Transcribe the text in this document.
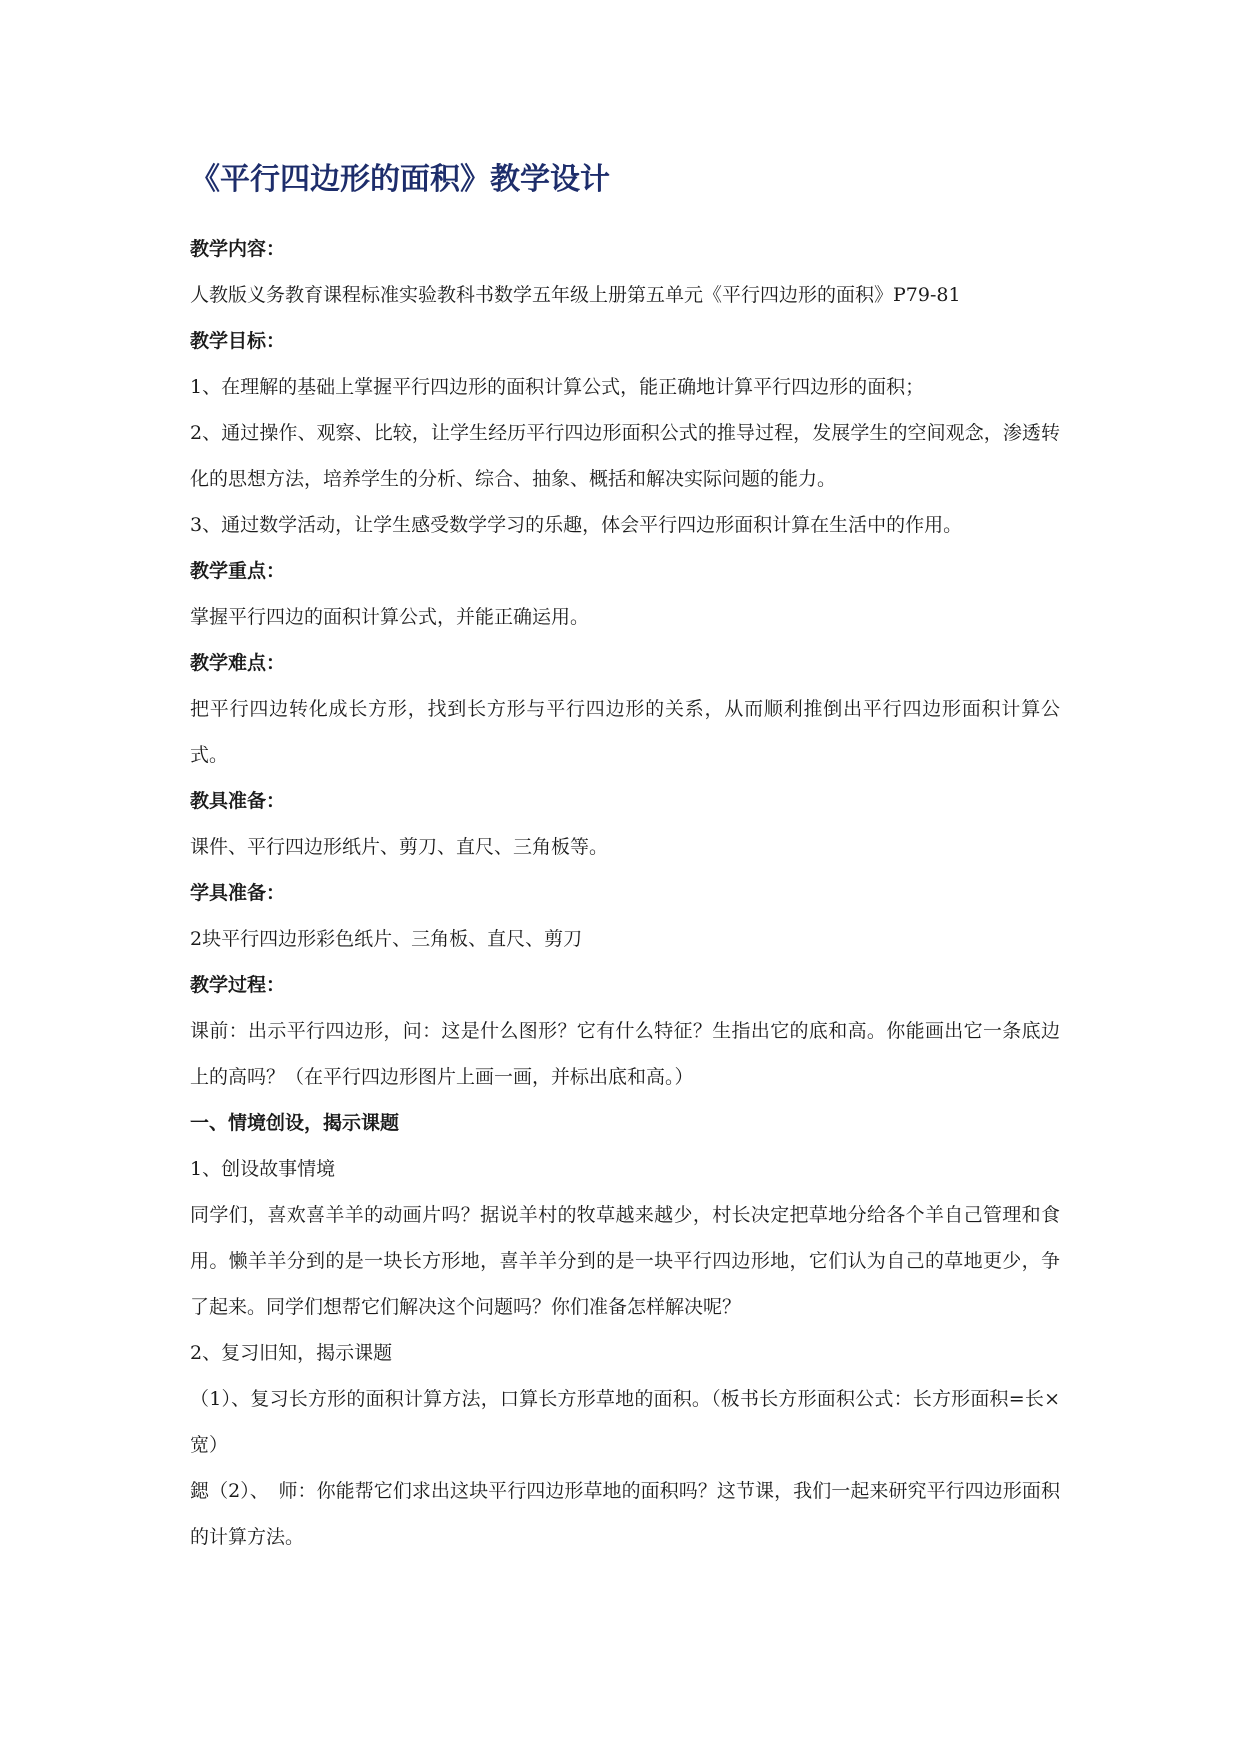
《平行四边形的面积》教学设计

教学内容：

人教版义务教育课程标准实验教科书数学五年级上册第五单元《平行四边形的面积》P79-81

教学目标：

1、在理解的基础上掌握平行四边形的面积计算公式，能正确地计算平行四边形的面积；

2、通过操作、观察、比较，让学生经历平行四边形面积公式的推导过程，发展学生的空间观念，渗透转化的思想方法，培养学生的分析、综合、抽象、概括和解决实际问题的能力。

3、通过数学活动，让学生感受数学学习的乐趣，体会平行四边形面积计算在生活中的作用。

教学重点：

掌握平行四边的面积计算公式，并能正确运用。

教学难点：

把平行四边转化成长方形，找到长方形与平行四边形的关系，从而顺利推倒出平行四边形面积计算公式。

教具准备：

课件、平行四边形纸片、剪刀、直尺、三角板等。

学具准备：

2块平行四边形彩色纸片、三角板、直尺、剪刀

教学过程：

课前：出示平行四边形，问：这是什么图形？它有什么特征？生指出它的底和高。你能画出它一条底边上的高吗？（在平行四边形图片上画一画，并标出底和高。）

一、情境创设，揭示课题

1、创设故事情境

同学们，喜欢喜羊羊的动画片吗？据说羊村的牧草越来越少，村长决定把草地分给各个羊自己管理和食用。懒羊羊分到的是一块长方形地，喜羊羊分到的是一块平行四边形地，它们认为自己的草地更少，争了起来。同学们想帮它们解决这个问题吗？你们准备怎样解决呢？

2、复习旧知，揭示课题

（1）、复习长方形的面积计算方法，口算长方形草地的面积。（板书长方形面积公式：长方形面积=长×宽）

鍶（2）、　师：你能帮它们求出这块平行四边形草地的面积吗？这节课，我们一起来研究平行四边形面积的计算方法。
